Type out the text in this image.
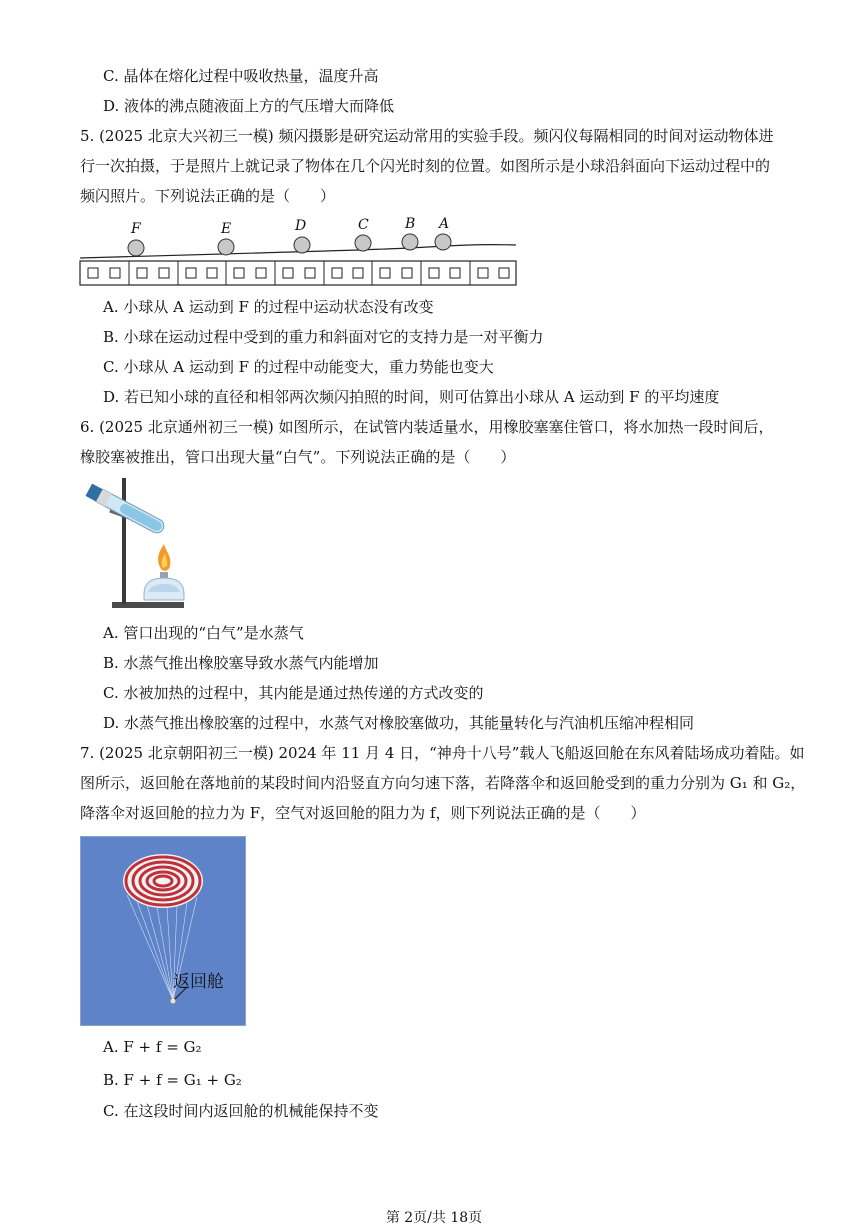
C. 晶体在熔化过程中吸收热量，温度升高
D. 液体的沸点随液面上方的气压增大而降低
5. (2025 北京大兴初三一模) 频闪摄影是研究运动常用的实验手段。频闪仪每隔相同的时间对运动物体进
行一次拍摄，于是照片上就记录了物体在几个闪光时刻的位置。如图所示是小球沿斜面向下运动过程中的
频闪照片。下列说法正确的是（　　）
F	E	D	C	B A
A. 小球从 A 运动到 F 的过程中运动状态没有改变
B. 小球在运动过程中受到的重力和斜面对它的支持力是一对平衡力
C. 小球从 A 运动到 F 的过程中动能变大，重力势能也变大
D. 若已知小球的直径和相邻两次频闪拍照的时间，则可估算出小球从 A 运动到 F 的平均速度
6. (2025 北京通州初三一模) 如图所示，在试管内装适量水，用橡胶塞塞住管口，将水加热一段时间后，
橡胶塞被推出，管口出现大量“白气”。下列说法正确的是（　　）
A. 管口出现的“白气”是水蒸气
B. 水蒸气推出橡胶塞导致水蒸气内能增加
C. 水被加热的过程中，其内能是通过热传递的方式改变的
D. 水蒸气推出橡胶塞的过程中，水蒸气对橡胶塞做功，其能量转化与汽油机压缩冲程相同
7. (2025 北京朝阳初三一模) 2024 年 11 月 4 日，“神舟十八号”载人飞船返回舱在东风着陆场成功着陆。如
图所示，返回舱在落地前的某段时间内沿竖直方向匀速下落，若降落伞和返回舱受到的重力分别为 G₁ 和 G₂，
降落伞对返回舱的拉力为 F，空气对返回舱的阻力为 f，则下列说法正确的是（　　）
返回舱
A. F + f = G₂
B. F + f = G₁ + G₂
C. 在这段时间内返回舱的机械能保持不变
第 2页/共 18页
